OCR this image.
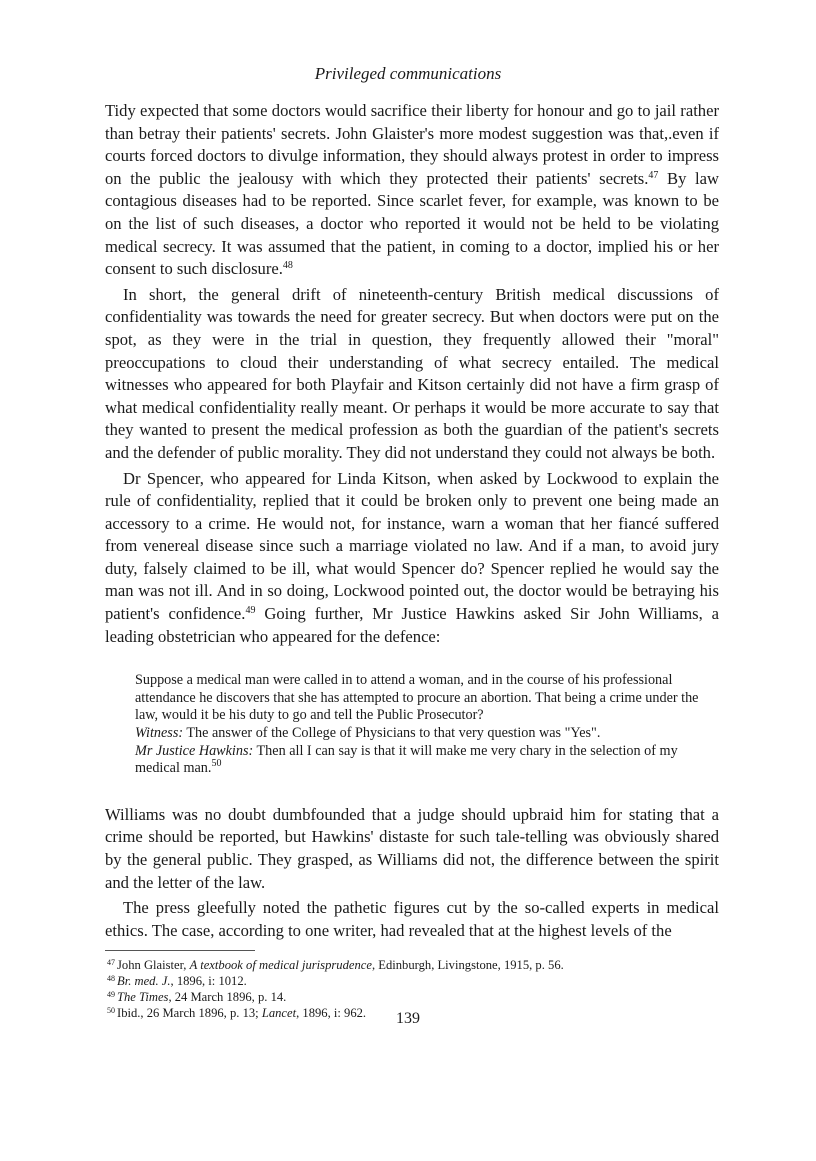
Privileged communications

Tidy expected that some doctors would sacrifice their liberty for honour and go to jail rather than betray their patients' secrets. John Glaister's more modest suggestion was that,.even if courts forced doctors to divulge information, they should always protest in order to impress on the public the jealousy with which they protected their patients' secrets.$^{47}$ By law contagious diseases had to be reported. Since scarlet fever, for example, was known to be on the list of such diseases, a doctor who reported it would not be held to be violating medical secrecy. It was assumed that the patient, in coming to a doctor, implied his or her consent to such disclosure.$^{48}$

In short, the general drift of nineteenth-century British medical discussions of confidentiality was towards the need for greater secrecy. But when doctors were put on the spot, as they were in the trial in question, they frequently allowed their "moral" preoccupations to cloud their understanding of what secrecy entailed. The medical witnesses who appeared for both Playfair and Kitson certainly did not have a firm grasp of what medical confidentiality really meant. Or perhaps it would be more accurate to say that they wanted to present the medical profession as both the guardian of the patient's secrets and the defender of public morality. They did not understand they could not always be both.

Dr Spencer, who appeared for Linda Kitson, when asked by Lockwood to explain the rule of confidentiality, replied that it could be broken only to prevent one being made an accessory to a crime. He would not, for instance, warn a woman that her fiancé suffered from venereal disease since such a marriage violated no law. And if a man, to avoid jury duty, falsely claimed to be ill, what would Spencer do? Spencer replied he would say the man was not ill. And in so doing, Lockwood pointed out, the doctor would be betraying his patient's confidence.$^{49}$ Going further, Mr Justice Hawkins asked Sir John Williams, a leading obstetrician who appeared for the defence:

Suppose a medical man were called in to attend a woman, and in the course of his professional attendance he discovers that she has attempted to procure an abortion. That being a crime under the law, would it be his duty to go and tell the Public Prosecutor?

Witness: The answer of the College of Physicians to that very question was "Yes".

Mr Justice Hawkins: Then all I can say is that it will make me very chary in the selection of my medical man.$^{50}$

Williams was no doubt dumbfounded that a judge should upbraid him for stating that a crime should be reported, but Hawkins' distaste for such tale-telling was obviously shared by the general public. They grasped, as Williams did not, the difference between the spirit and the letter of the law.

The press gleefully noted the pathetic figures cut by the so-called experts in medical ethics. The case, according to one writer, had revealed that at the highest levels of the

$^{47}$ John Glaister, A textbook of medical jurisprudence, Edinburgh, Livingstone, 1915, p. 56.

$^{48}$ Br. med. J., 1896, i: 1012.

$^{49}$ The Times, 24 March 1896, p. 14.

$^{50}$ Ibid., 26 March 1896, p. 13; Lancet, 1896, i: 962.	139
